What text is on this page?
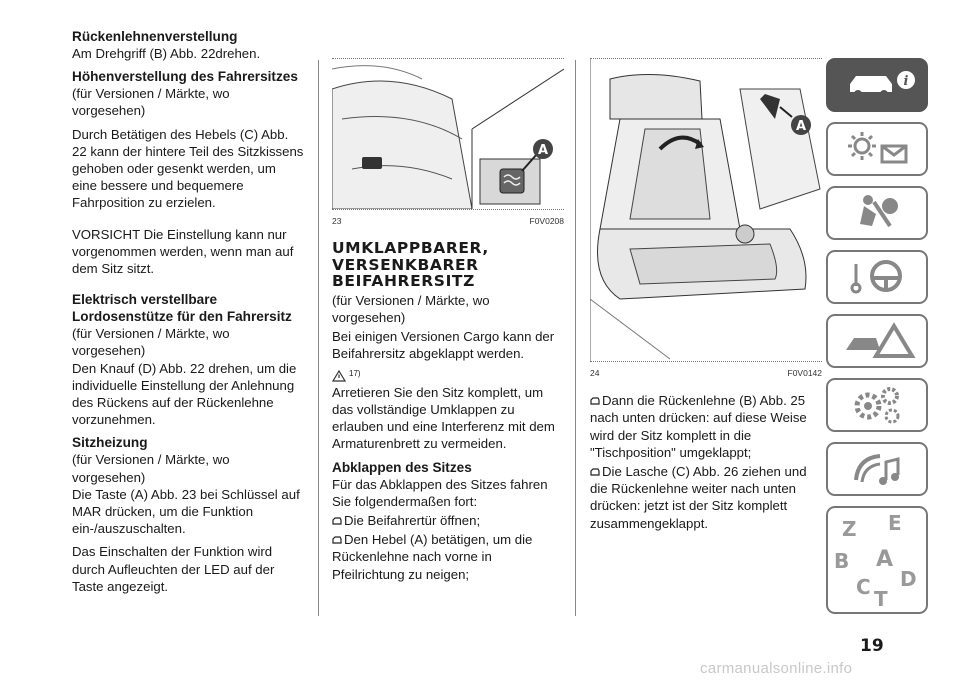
Rückenlehnenverstellung

Am Drehgriff (B) Abb. 22drehen.

Höhenverstellung des Fahrersitzes

(für Versionen / Märkte, wo vorgesehen)

Durch Betätigen des Hebels (C) Abb. 22 kann der hintere Teil des Sitzkissens gehoben oder gesenkt werden, um eine bessere und bequemere Fahrposition zu erzielen.

VORSICHT Die Einstellung kann nur vorgenommen werden, wenn man auf dem Sitz sitzt.

Elektrisch verstellbare Lordosenstütze für den Fahrersitz

(für Versionen / Märkte, wo vorgesehen)

Den Knauf (D) Abb. 22 drehen, um die individuelle Einstellung der Anlehnung des Rückens auf der Rückenlehne vorzunehmen.

Sitzheizung

(für Versionen / Märkte, wo vorgesehen)

Die Taste (A) Abb. 23 bei Schlüssel auf MAR drücken, um die Funktion ein-/auszuschalten.

Das Einschalten der Funktion wird durch Aufleuchten der LED auf der Taste angezeigt.

A
23	F0V0208
UMKLAPPBARER, VERSENKBARER BEIFAHRERSITZ

(für Versionen / Märkte, wo vorgesehen)

Bei einigen Versionen Cargo kann der Beifahrersitz abgeklappt werden.

17)

Arretieren Sie den Sitz komplett, um das vollständige Umklappen zu erlauben und eine Interferenz mit dem Armaturenbrett zu vermeiden.

Abklappen des Sitzes

Für das Abklappen des Sitzes fahren Sie folgendermaßen fort:

Die Beifahrertür öffnen;

Den Hebel (A) betätigen, um die Rückenlehne nach vorne in Pfeilrichtung zu neigen;

A
24	F0V0142

Dann die Rückenlehne (B) Abb. 25 nach unten drücken: auf diese Weise wird der Sitz komplett in die "Tischposition" umgeklappt;

Die Lasche (C) Abb. 26 ziehen und die Rückenlehne weiter nach unten drücken: jetzt ist der Sitz komplett zusammengeklappt.

i
Z E
B A
C T
D
19
carmanualsonline.info
